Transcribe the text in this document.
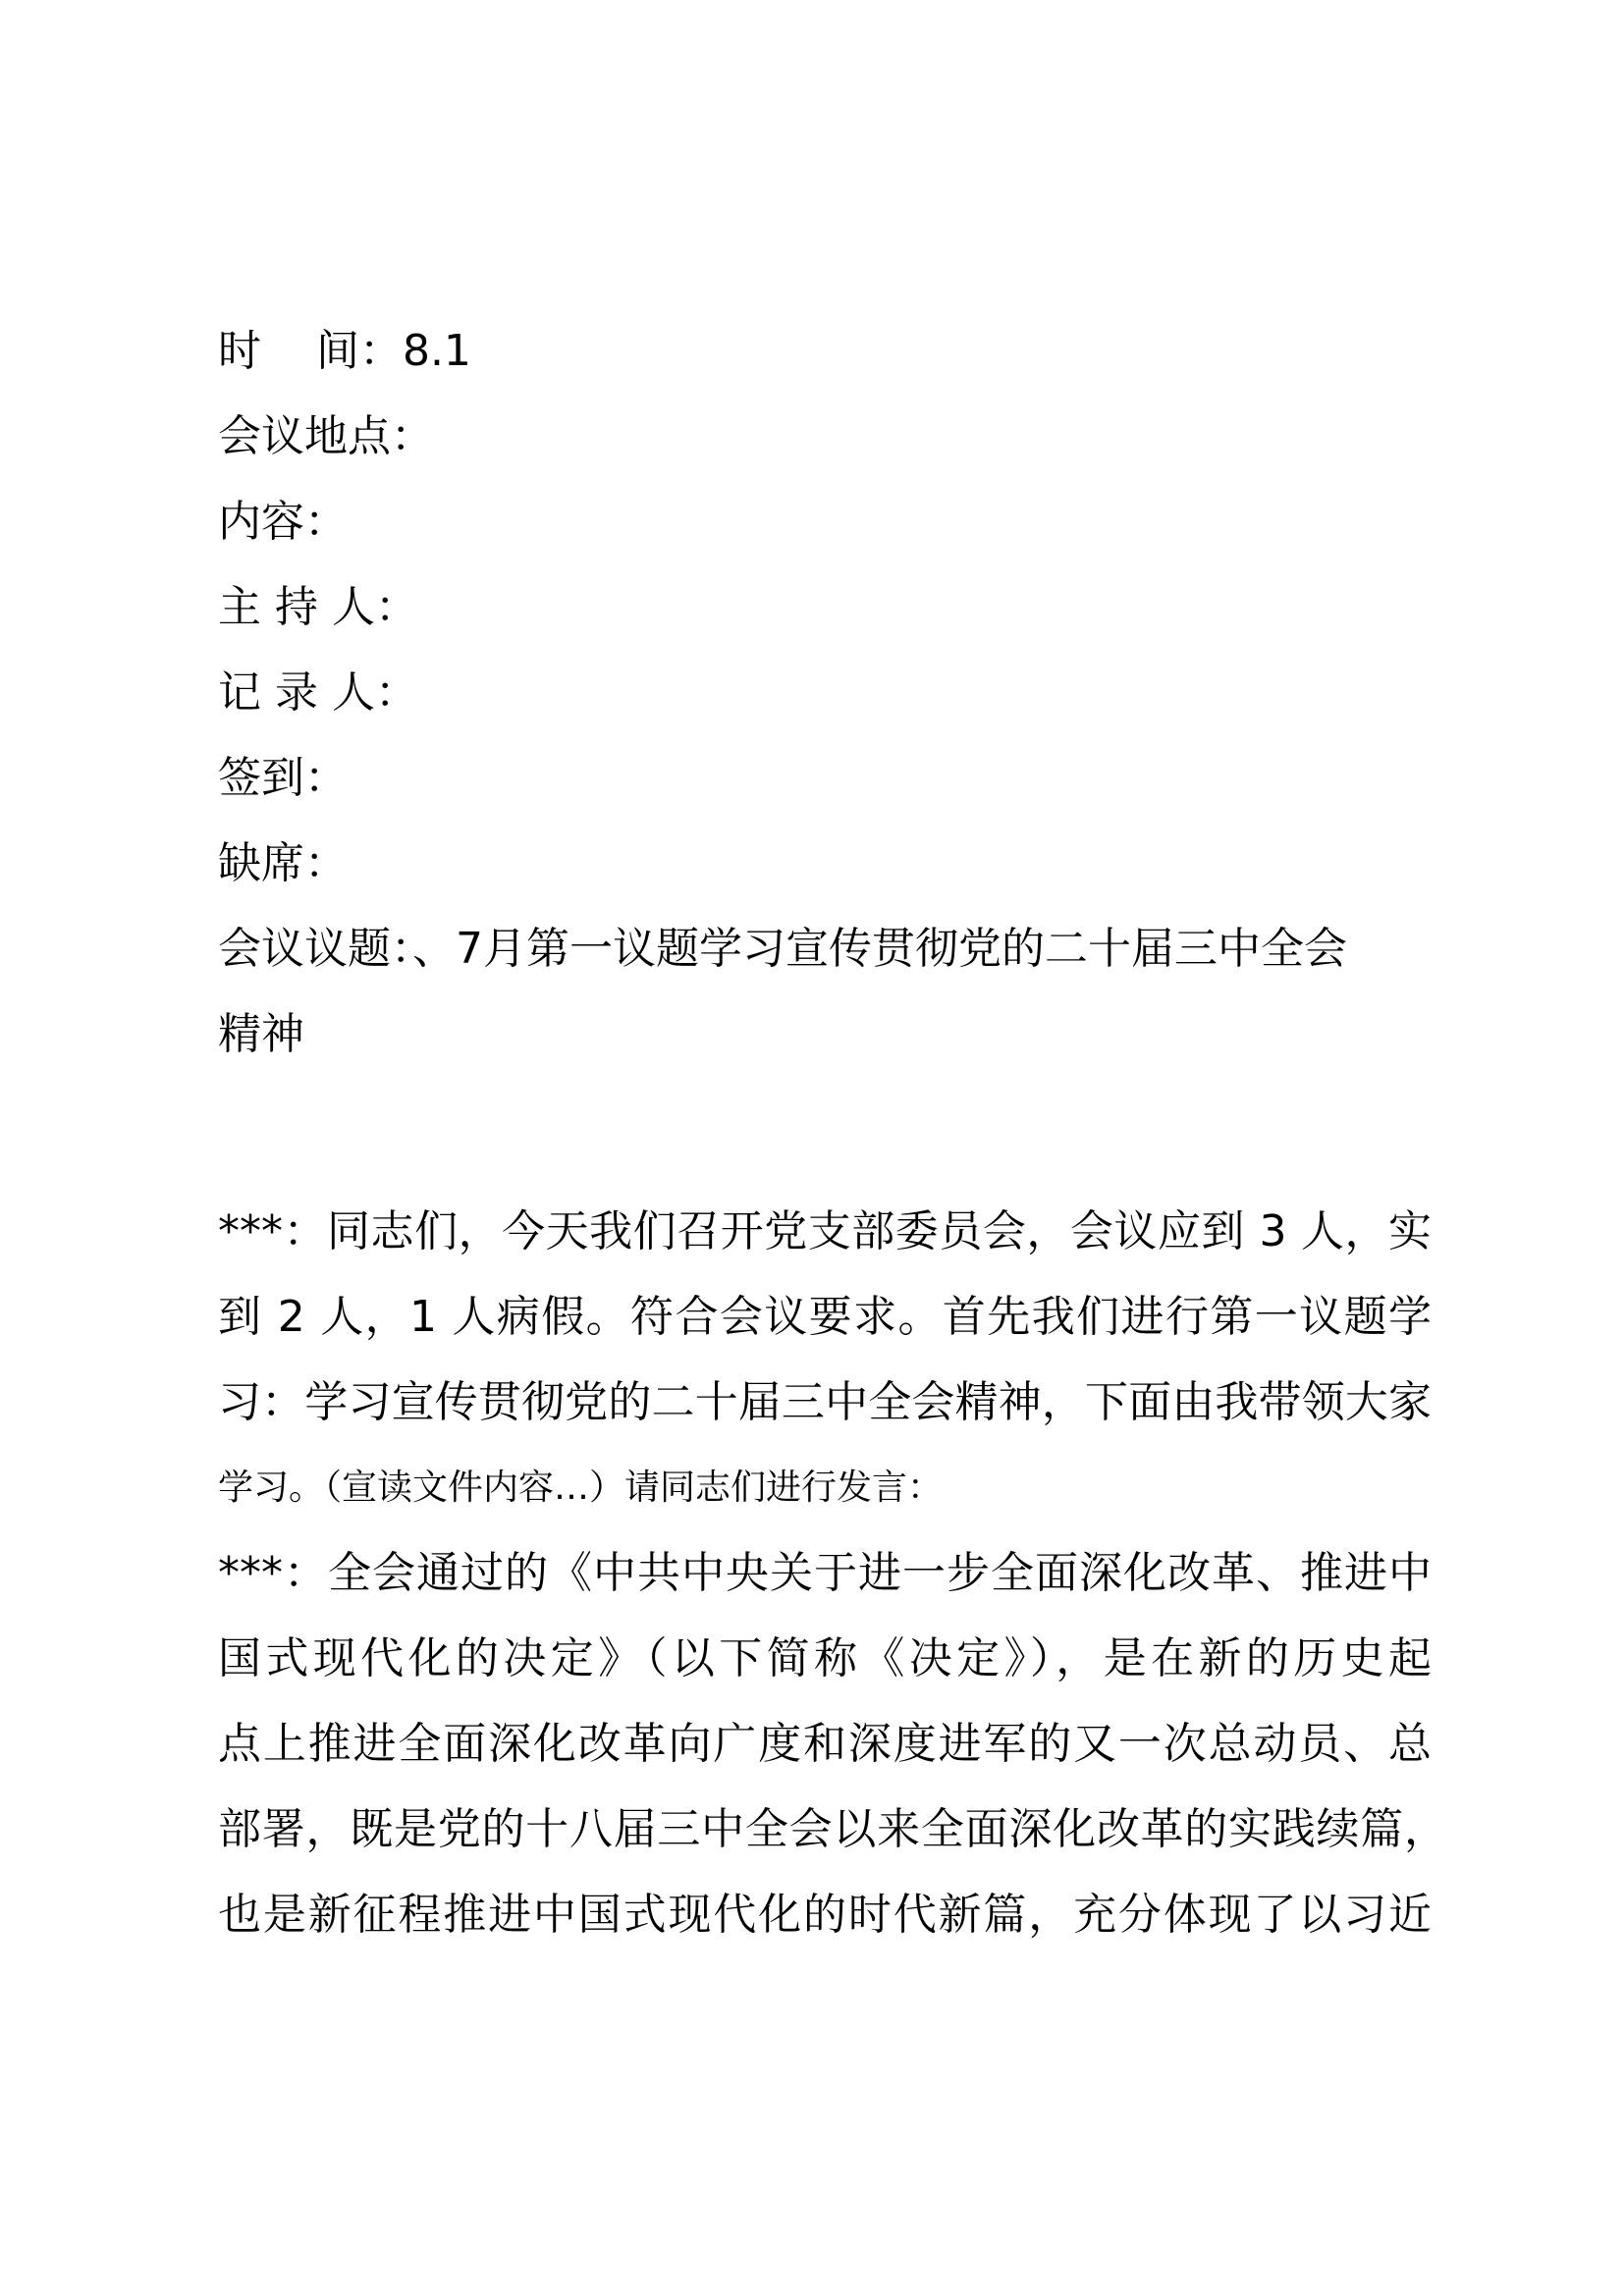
时    间：8.1
会议地点：
内容：
主 持 人：
记 录 人：
签到：
缺席：
会议议题：、7月第一议题学习宣传贯彻党的二十届三中全会
精神
***：同志们，今天我们召开党支部委员会，会议应到 3 人，实
到 2 人，1 人病假。符合会议要求。首先我们进行第一议题学
习：学习宣传贯彻党的二十届三中全会精神，下面由我带领大家
学习。（宣读文件内容…）请同志们进行发言：
***：全会通过的《中共中央关于进一步全面深化改革、推进中
国式现代化的决定》（以下简称《决定》），是在新的历史起
点上推进全面深化改革向广度和深度进军的又一次总动员、总
部署，既是党的十八届三中全会以来全面深化改革的实践续篇，
也是新征程推进中国式现代化的时代新篇，充分体现了以习近
